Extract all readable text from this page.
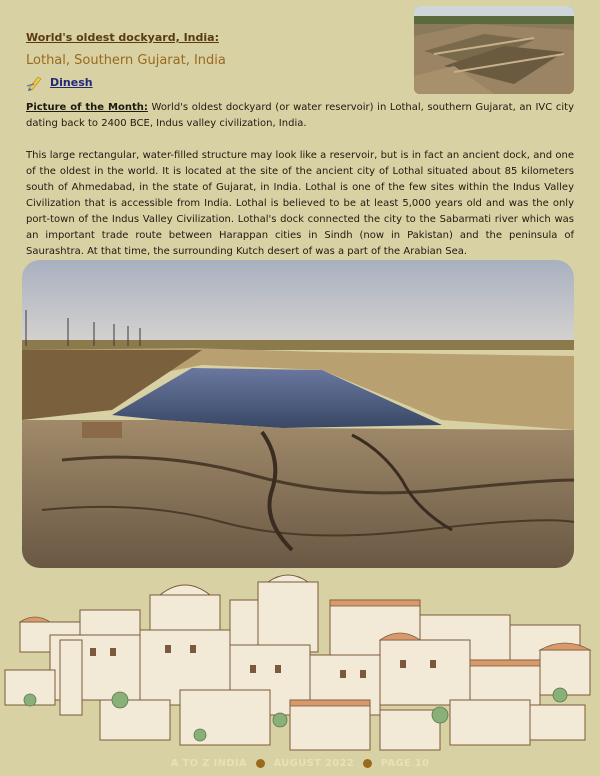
World's oldest dockyard, India:
Lothal, Southern Gujarat, India
Dinesh

Picture of the Month: World's oldest dockyard (or water reservoir) in Lothal, southern Gujarat, an IVC city dating back to 2400 BCE, Indus valley civilization, India.

This large rectangular, water-filled structure may look like a reservoir, but is in fact an ancient dock, and one of the oldest in the world. It is located at the site of the ancient city of Lothal situated about 85 kilometers south of Ahmedabad, in the state of Gujarat, in India. Lothal is one of the few sites within the Indus Valley Civilization that is accessible from India. Lothal is believed to be at least 5,000 years old and was the only port-town of the Indus Valley Civilization. Lothal's dock connected the city to the Sabarmati river which was an important trade route between Harappan cities in Sindh (now in Pakistan) and the peninsula of Saurashtra. At that time, the surrounding Kutch desert of was a part of the Arabian Sea.

A TO Z INDIA	AUGUST 2022	PAGE 10
